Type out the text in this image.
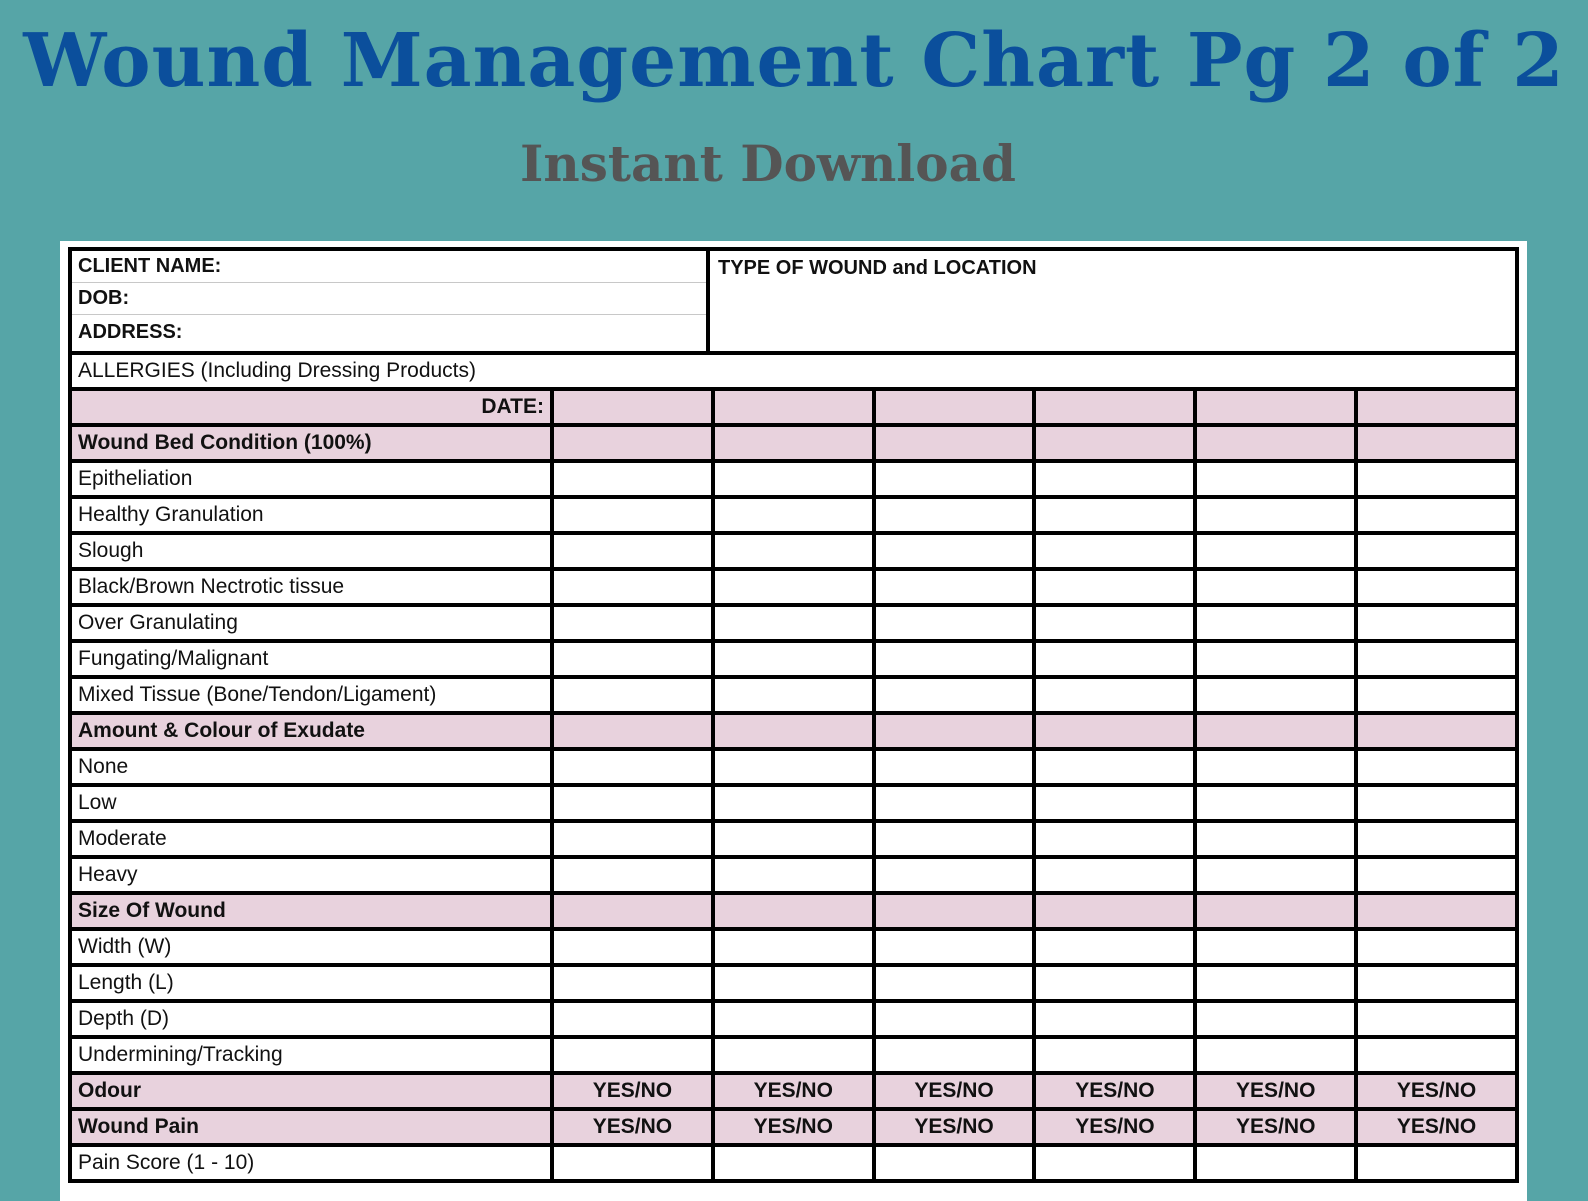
Wound Management Chart Pg 2 of 2
Instant Download
CLIENT NAME:
DOB:
ADDRESS:
TYPE OF WOUND and LOCATION
ALLERGIES (Including Dressing Products)
DATE:
Wound Bed Condition (100%)
Epitheliation
Healthy Granulation
Slough
Black/Brown Nectrotic tissue
Over Granulating
Fungating/Malignant
Mixed Tissue (Bone/Tendon/Ligament)
Amount & Colour of Exudate
None
Low
Moderate
Heavy
Size Of Wound
Width (W)
Length (L)
Depth (D)
Undermining/Tracking
Odour	YES/NO	YES/NO	YES/NO	YES/NO	YES/NO	YES/NO
Wound Pain	YES/NO	YES/NO	YES/NO	YES/NO	YES/NO	YES/NO
Pain Score (1 - 10)
